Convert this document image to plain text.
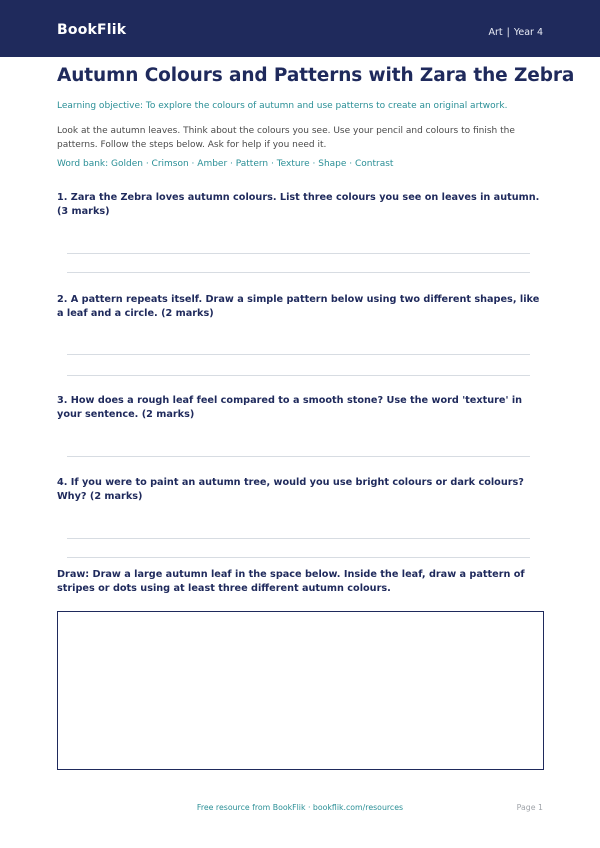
BookFlik	Art | Year 4
Autumn Colours and Patterns with Zara the Zebra
Learning objective: To explore the colours of autumn and use patterns to create an original artwork.
Look at the autumn leaves. Think about the colours you see. Use your pencil and colours to finish the patterns. Follow the steps below. Ask for help if you need it.
Word bank: Golden · Crimson · Amber · Pattern · Texture · Shape · Contrast
1. Zara the Zebra loves autumn colours. List three colours you see on leaves in autumn. (3 marks)
2. A pattern repeats itself. Draw a simple pattern below using two different shapes, like a leaf and a circle. (2 marks)
3. How does a rough leaf feel compared to a smooth stone? Use the word 'texture' in your sentence. (2 marks)
4. If you were to paint an autumn tree, would you use bright colours or dark colours? Why? (2 marks)
Draw: Draw a large autumn leaf in the space below. Inside the leaf, draw a pattern of stripes or dots using at least three different autumn colours.
Free resource from BookFlik · bookflik.com/resources	Page 1
